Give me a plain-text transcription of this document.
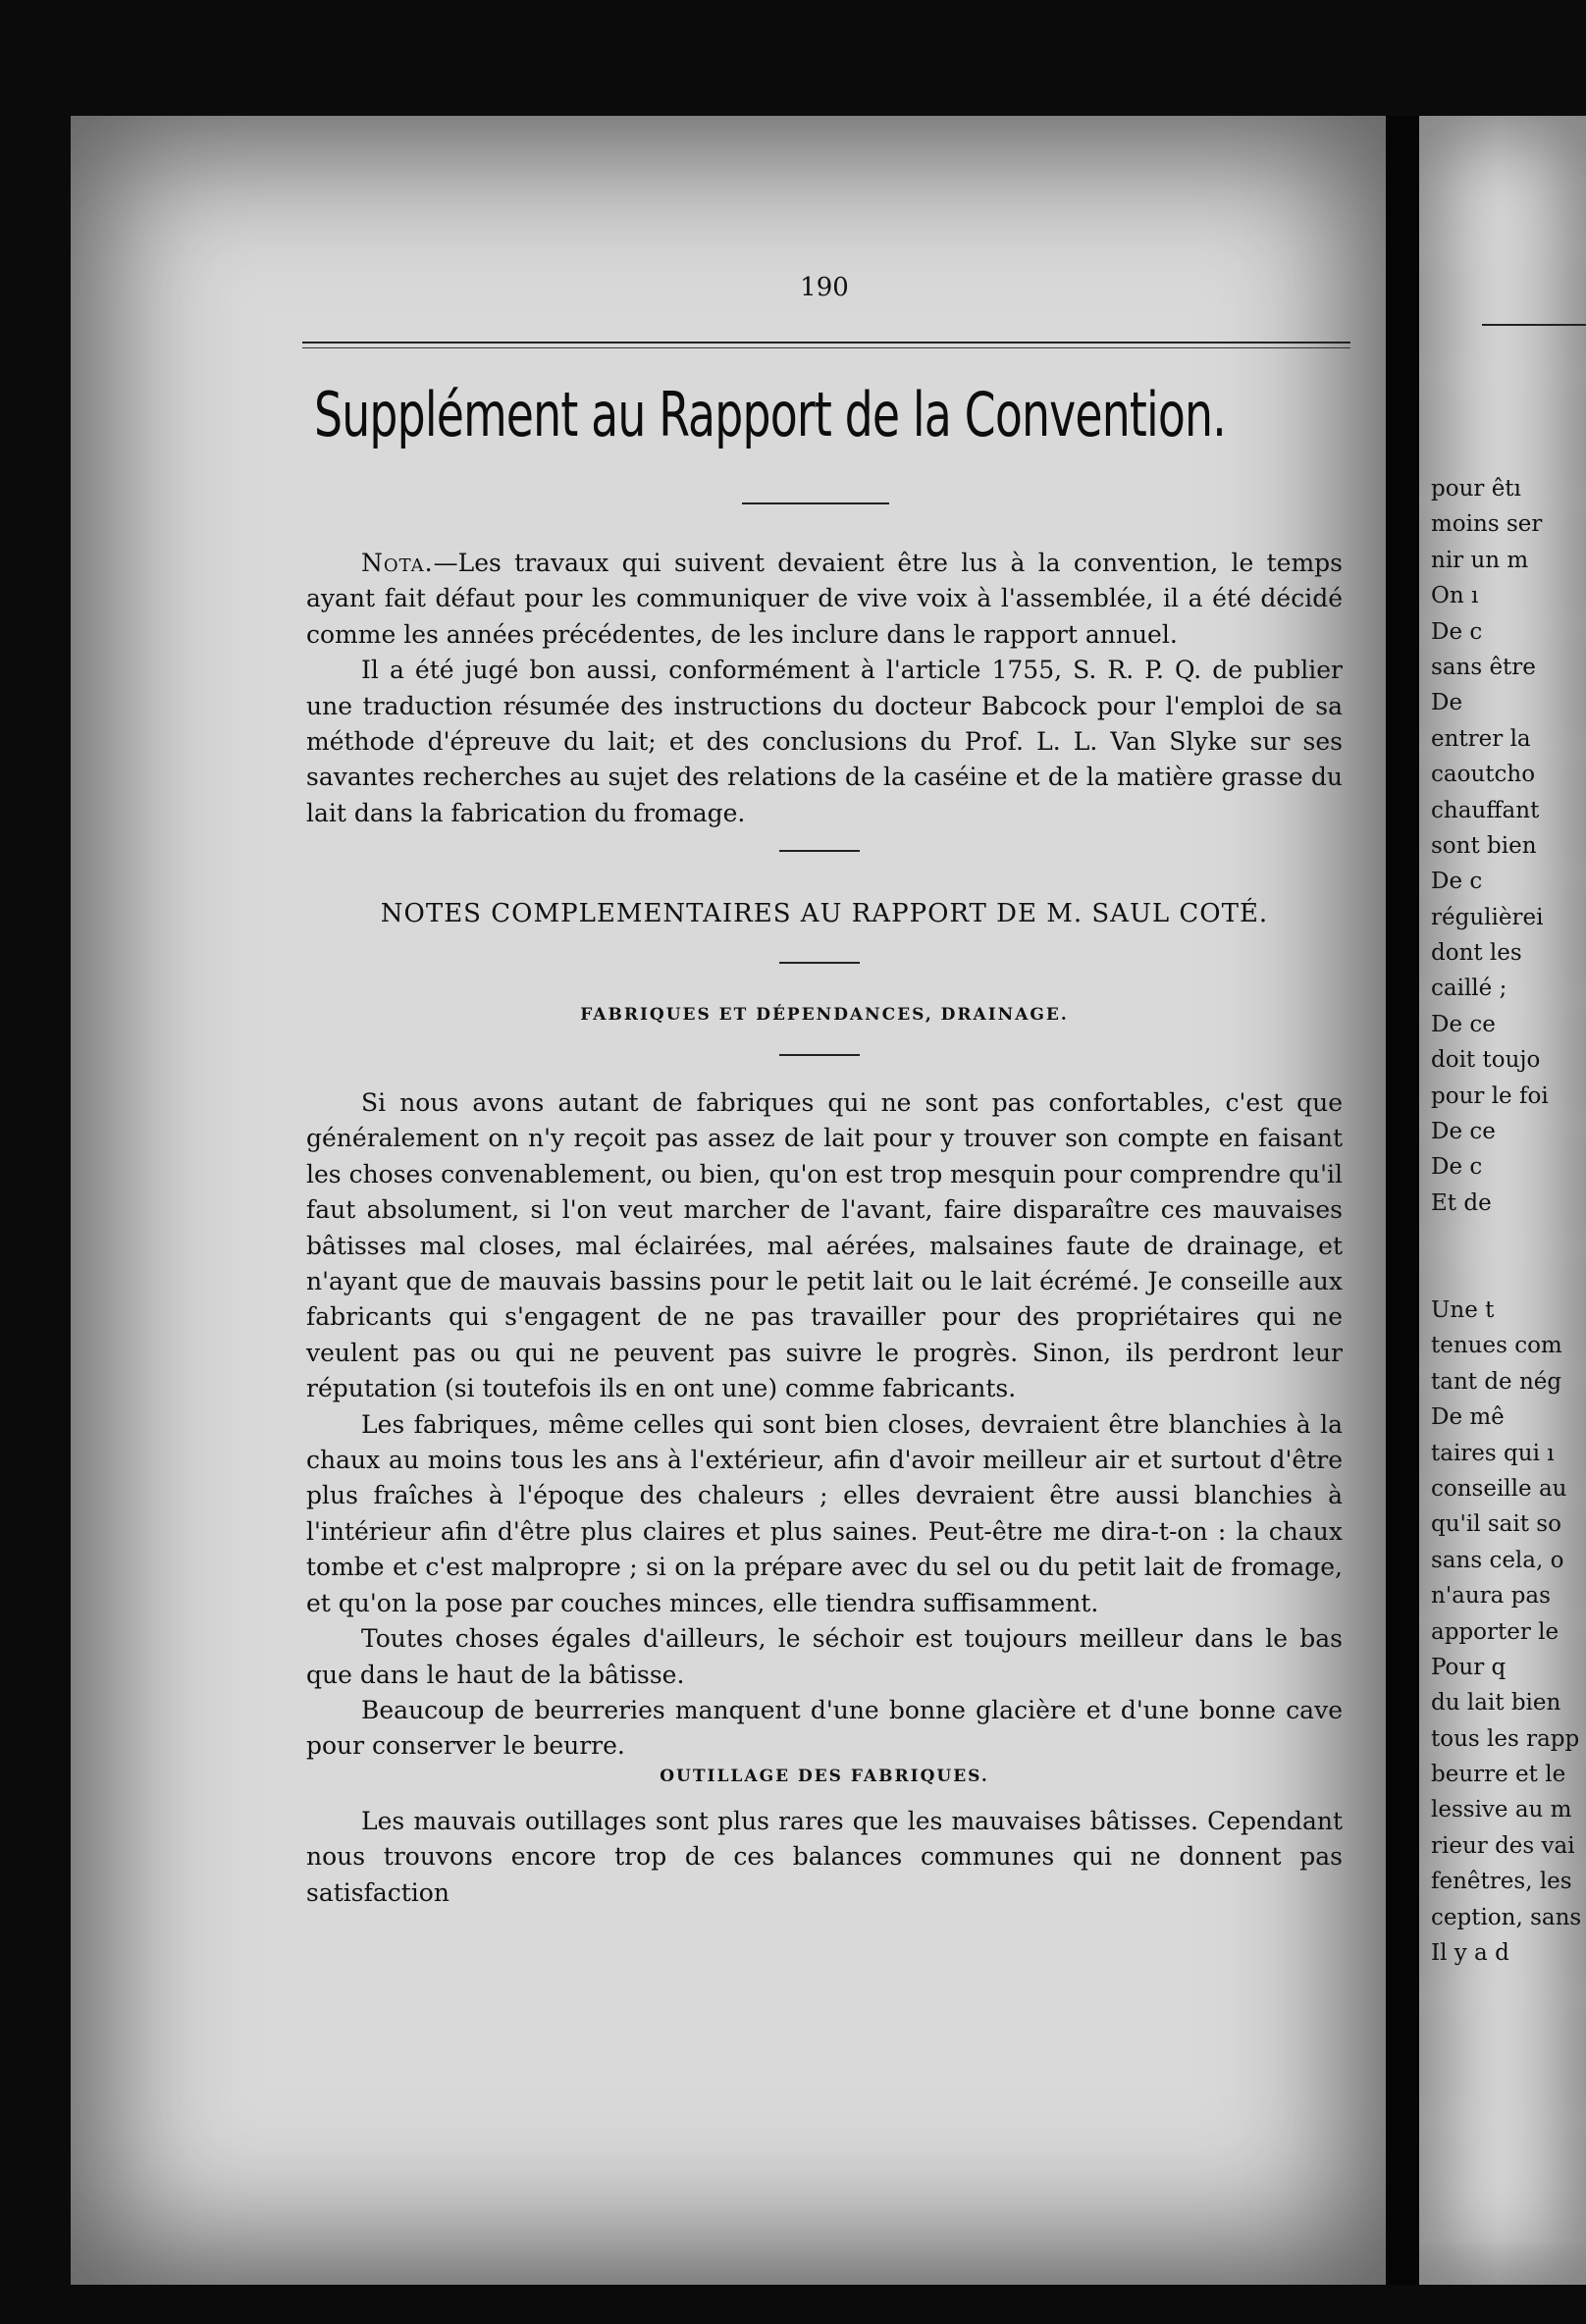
pour êtı
moins ser
nir un m
On ı
De c
sans être
De
entrer la
caoutcho
chauffant
sont bien
De c
régulièrei
dont les
caillé ;
De ce
doit toujo
pour le foi
De ce
De c
Et de
Une t
tenues com
tant de nég
De mê
taires qui ı
conseille au
qu'il sait so
sans cela, o
n'aura pas
apporter le
Pour q
du lait bien
tous les rapp
beurre et le
lessive au m
rieur des vai
fenêtres, les
ception, sans
Il y a d
190
Supplément au Rapport de la Convention.

Nota.—Les travaux qui suivent devaient être lus à la convention, le temps ayant fait défaut pour les communiquer de vive voix à l'assemblée, il a été décidé comme les années précédentes, de les inclure dans le rapport annuel.

Il a été jugé bon aussi, conformément à l'article 1755, S. R. P. Q. de publier une traduction résumée des instructions du docteur Babcock pour l'emploi de sa méthode d'épreuve du lait; et des conclusions du Prof. L. L. Van Slyke sur ses savantes recherches au sujet des relations de la caséine et de la matière grasse du lait dans la fabrication du fromage.

NOTES COMPLEMENTAIRES AU RAPPORT DE M. SAUL COTÉ.
FABRIQUES ET DÉPENDANCES, DRAINAGE.

Si nous avons autant de fabriques qui ne sont pas confortables, c'est que généralement on n'y reçoit pas assez de lait pour y trouver son compte en faisant les choses convenablement, ou bien, qu'on est trop mesquin pour comprendre qu'il faut absolument, si l'on veut marcher de l'avant, faire disparaître ces mauvaises bâtisses mal closes, mal éclairées, mal aérées, malsaines faute de drainage, et n'ayant que de mauvais bassins pour le petit lait ou le lait écrémé. Je conseille aux fabricants qui s'engagent de ne pas travailler pour des propriétaires qui ne veulent pas ou qui ne peuvent pas suivre le progrès. Sinon, ils perdront leur réputation (si toutefois ils en ont une) comme fabricants.

Les fabriques, même celles qui sont bien closes, devraient être blanchies à la chaux au moins tous les ans à l'extérieur, afin d'avoir meilleur air et surtout d'être plus fraîches à l'époque des chaleurs ; elles devraient être aussi blanchies à l'intérieur afin d'être plus claires et plus saines. Peut-être me dira-t-on : la chaux tombe et c'est malpropre ; si on la prépare avec du sel ou du petit lait de fromage, et qu'on la pose par couches minces, elle tiendra suffisamment.

Toutes choses égales d'ailleurs, le séchoir est toujours meilleur dans le bas que dans le haut de la bâtisse.

Beaucoup de beurreries manquent d'une bonne glacière et d'une bonne cave pour conserver le beurre.

OUTILLAGE DES FABRIQUES.

Les mauvais outillages sont plus rares que les mauvaises bâtisses. Cependant nous trouvons encore trop de ces balances communes qui ne donnent pas satisfaction
